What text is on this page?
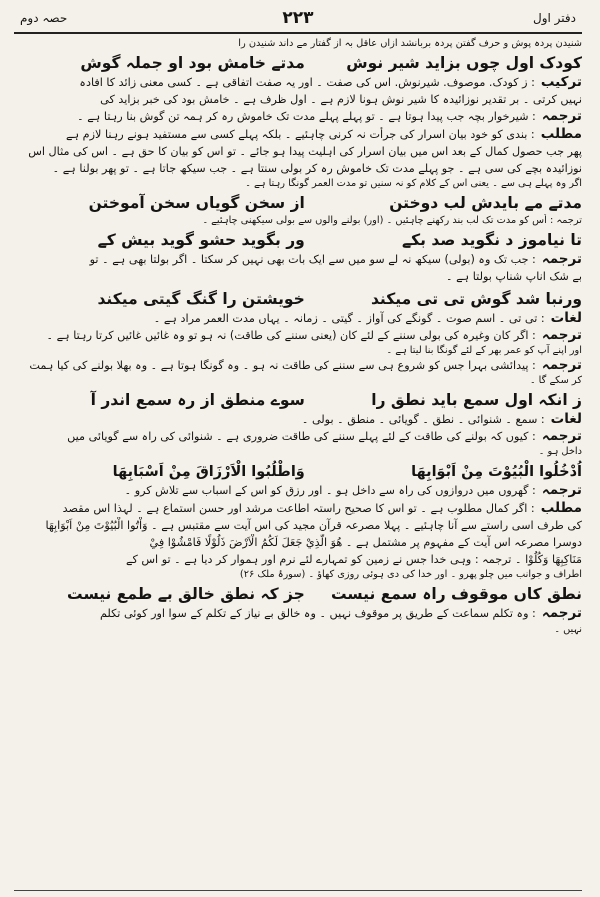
دفتر اول
۲۲۳
حصہ دوم
شنیدن پردہ پوش و حرف گفتن پردہ بربانشد ازاں عاقل بہ از گفتار مے داند شنیدن را
کودک اول چوں بزاید شیر نوش    مدتے خامش بود او جملہ گوش
ترکیب: ز کودک. موصوف. شیرنوش. اس کی صفت ۔ اور یہ صفت اتفاقی ہے ۔ کسی معنی زائد کا افادہ
نہیں کرتی ۔ بر تقدیر نوزائیدہ کا شیر نوش ہونا لازم ہے ۔ اول ظرف ہے ۔ خامش بود کی خبر بزاید کی
ترجمہ: شیرخوار بچہ جب پیدا ہوتا ہے ۔ تو پہلے پہلے مدت تک خاموش رہ کر ہمہ تن گوش بنا رہتا ہے ۔
مطلب: بندی کو خود بیان اسرار کی جرأت نہ کرنی چاہئیے ۔ بلکہ پہلے کسی سے مستفید ہونے رہنا لازم ہے
پھر جب حصول کمال کے بعد اس میں بیان اسرار کی اہلیت پیدا ہو جائے ۔ تو اس کو بیان کا حق ہے ۔ اس کی مثال اس
نوزائیدہ بچے کی سی ہے ۔ جو پہلے مدت تک خاموش رہ کر بولی سنتا ہے ۔ جب سیکھ جاتا ہے ۔ تو پھر بولنا ہے ۔
اگر وہ پہلے ہی سے ۔ یعنی اس کے کلام کو نہ سنیں تو مدت العمر گونگا رہتا ہے ۔
مدتے مے بایدش لب دوختن    از سخن گویاں سخن آموختن
ترجمہ : اُس کو مدت تک لب بند رکھنے چاہئیں ۔ (اور) بولنے والوں سے بولی سیکھنی چاہئیے ۔
تا نیاموز د نگوید صد بکے    ور بگوید حشو گوید بیش کے
ترجمہ: جب تک وہ (بولی) سیکھ نہ لے سو میں سے ایک بات بھی نہیں کر سکتا ۔ اگر بولتا بھی ہے ۔ تو
بے شک اناپ شناپ بولتا ہے ۔
ورنبا شد گوش تی تی میکند    خویشتن را گنگ گیتی میکند
لغات: تی تی ۔ اسم صوت ۔ گونگے کی آواز ۔ گیتی ۔ زمانہ ۔ یہاں مدت العمر مراد ہے ۔
ترجمہ: اگر کان وغیرہ کی بولی سننے کے لئے کان (یعنی سننے کی طاقت) نہ ہو تو وہ غائیں غائیں کرتا رہتا ہے ۔
اور اپنے آپ کو عمر بھر کے لئے گونگا بنا لیتا ہے ۔
ترجمہ: پیدائشی بہرا جس کو شروع ہی سے سننے کی طاقت نہ ہو ۔ وہ گونگا ہوتا ہے ۔ وہ بھلا بولنے کی کیا ہمت
کر سکے گا ۔
ز انکہ اول سمع باید نطق را    سوے منطق از رہ سمع اندر آ
لغات: سمع ۔ شنوائی ۔ نطق ۔ گویائی ۔ منطق ۔ بولی ۔
ترجمہ: کیوں کہ بولنے کی طاقت کے لئے پہلے سننے کی طاقت ضروری ہے ۔ شنوائی کی راہ سے گویائی میں
داخل ہو ۔
اُدْخُلُوا الْبُيُوْتَ مِنْ اَبْوَابِهَا    وَاطْلُبُوا الْاَرْزَاقَ مِنْ اَسْبَابِهَا
ترجمہ: گھروں میں دروازوں کی راہ سے داخل ہو ۔ اور رزق کو اس کے اسباب سے تلاش کرو ۔
مطلب: اگر کمال مطلوب ہے ۔ تو اس کا صحیح راستہ اطاعت مرشد اور حسن استماع ہے ۔ لہذا اس مقصد
کی طرف اسی راستے سے آنا چاہئیے ۔ پہلا مصرعہ قرآن مجید کی اس آیت سے مقتبس ہے ۔ وَاْتُوا الْبُيُوْتَ مِنْ اَبْوَابِهَا
دوسرا مصرعہ اس آیت کے مفہوم پر مشتمل ہے ۔ هُوَ الَّذِيْ جَعَلَ لَكُمُ الْاَرْضَ ذَلُوْلًا فَامْشُوْا فِيْ
مَنَاكِبِهَا وَكُلُوْا ۔ ترجمہ : وہی خدا جس نے زمین کو تمہارے لئے نرم اور ہموار کر دیا ہے ۔ تو اس کے
اطراف و جوانب میں چلو پھرو ۔ اور خدا کی دی ہوئی روزی کھاؤ ۔ (سورۂ ملک ۲۶)
نطق کاں موقوف راہ سمع نیست    جز کہ نطق خالق بے طمع نیست
ترجمہ: وہ تکلم سماعت کے طریق پر موقوف نہیں ۔ وہ خالق بے نیاز کے تکلم کے سوا اور کوئی تکلم
نہیں ۔
